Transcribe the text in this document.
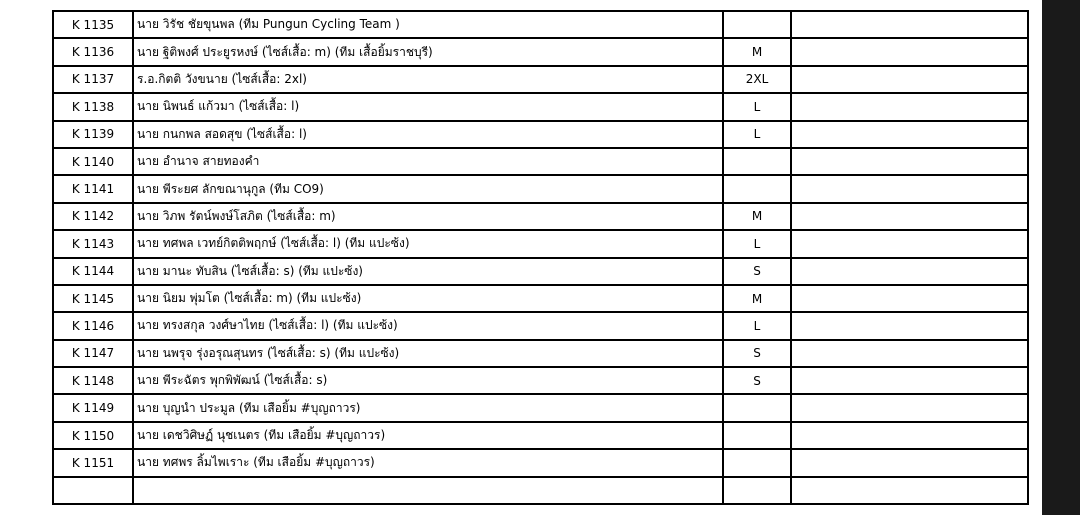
K 1135	นาย วิรัช ชัยขุนพล (ทีม Pungun Cycling Team )		
K 1136	นาย ฐิติพงศ์ ประยูรหงษ์ (ไซส์เสื้อ: m) (ทีม เสื้อยิ้มราชบุรี)	M	
K 1137	ร.อ.กิตติ วังขนาย (ไซส์เสื้อ: 2xl)	2XL	
K 1138	นาย นิพนธ์ แก้วมา (ไซส์เสื้อ: l)	L	
K 1139	นาย กนกพล สอดสุข (ไซส์เสื้อ: l)	L	
K 1140	นาย อำนาจ สายทองคำ		
K 1141	นาย พีระยศ ลักขณานุกูล (ทีม CO9)		
K 1142	นาย วิภพ รัตน์พงษ์โสภิต (ไซส์เสื้อ: m)	M	
K 1143	นาย ทศพล เวทย์กิตติพฤกษ์ (ไซส์เสื้อ: l) (ทีม แปะซ้ง)	L	
K 1144	นาย มานะ ทับสิน (ไซส์เสื้อ: s) (ทีม แปะซ้ง)	S	
K 1145	นาย นิยม พุ่มโต (ไซส์เสื้อ: m) (ทีม แปะซ้ง)	M	
K 1146	นาย ทรงสกุล วงศ์ษาไทย (ไซส์เสื้อ: l) (ทีม แปะซ้ง)	L	
K 1147	นาย นพรุจ รุ่งอรุณสุนทร (ไซส์เสื้อ: s) (ทีม แปะซ้ง)	S	
K 1148	นาย พีระฉัตร พุกพิพัฒน์ (ไซส์เสื้อ: s)	S	
K 1149	นาย บุญนำ ประมูล (ทีม เสือยิ้ม #บุญถาวร)		
K 1150	นาย เดชวิศิษฏ์ นุชเนตร (ทีม เสือยิ้ม #บุญถาวร)		
K 1151	นาย ทศพร ลิ้มไพเราะ (ทีม เสือยิ้ม #บุญถาวร)		
